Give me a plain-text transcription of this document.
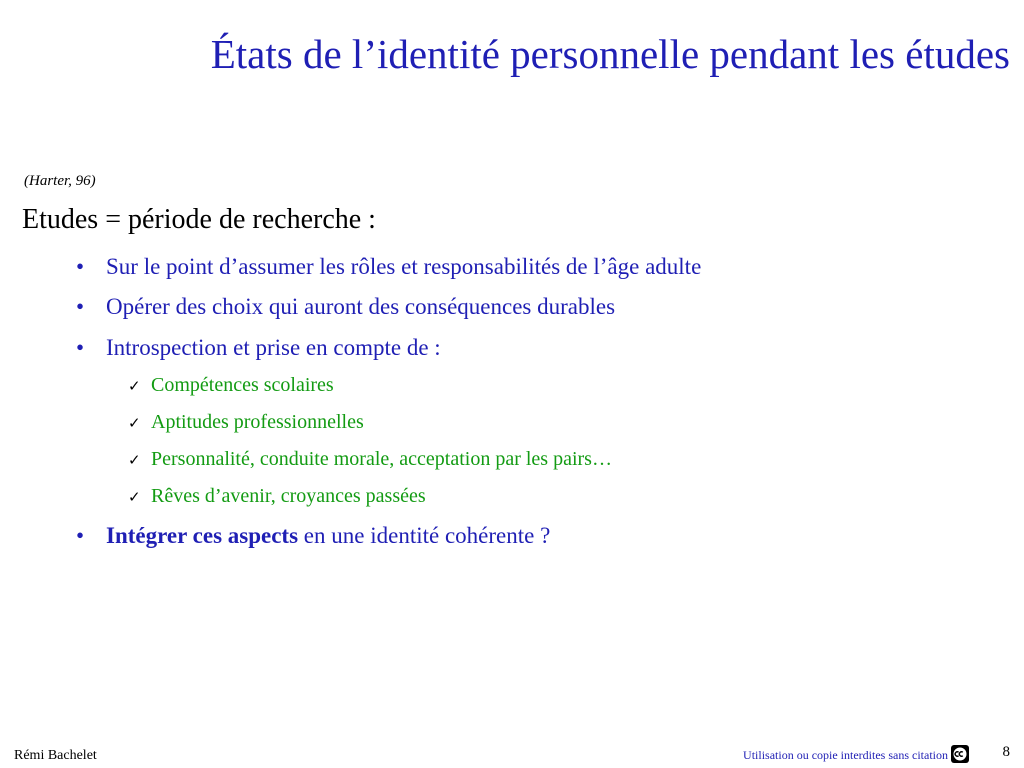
États de l’identité personnelle pendant les études
(Harter, 96)
Etudes = période de recherche :
• Sur le point d’assumer les rôles et responsabilités de l’âge adulte
• Opérer des choix qui auront des conséquences durables
• Introspection et prise en compte de :
✓ Compétences scolaires
✓ Aptitudes professionnelles
✓ Personnalité, conduite morale, acceptation par les pairs…
✓ Rêves d’avenir, croyances passées
• Intégrer ces aspects en une identité cohérente ?
Rémi Bachelet	Utilisation ou copie interdites sans citation	8
